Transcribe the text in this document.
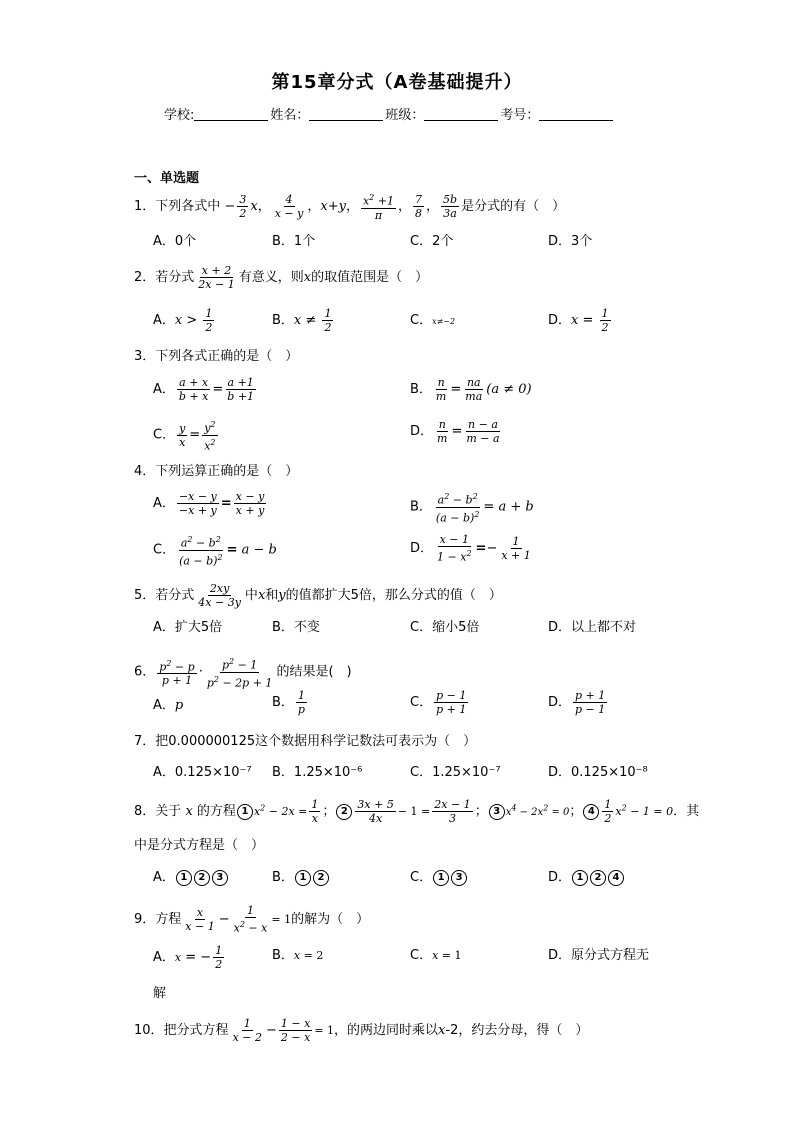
第15章分式（A卷基础提升）
学校:	姓名：	班级：	考号：
一、单选题
1．下列各式中 − $\frac{3}{2}$ x， $\frac{4}{x - y}$ ，x+y， $\frac{x^2 +1}{\pi}$ ， $\frac{7}{8}$ ， $\frac{5b}{3a}$ 是分式的有（　）
A．0个	B．1个	C．2个	D．3个
2．若分式 $\frac{x + 2}{2x - 1}$ 有意义，则x的取值范围是（　）
A．$x > \frac{1}{2}$	B．$x \ne \frac{1}{2}$	C．x≠−2	D．$x = \frac{1}{2}$
3．下列各式正确的是（　）
A． $\frac{a + x}{b + x} = \frac{a +1}{b +1}$	B． $\frac{n}{m} = \frac{na}{ma} (a \ne 0)$
C． $\frac{y}{x} = \frac{y^2}{x^2}$	D． $\frac{n}{m} = \frac{n - a}{m - a}$
4．下列运算正确的是（　）
A． $\frac{-x - y}{-x + y} = \frac{x - y}{x + y}$	B． $\frac{a^2 - b^2}{(a - b)^2} = a + b$
C． $\frac{a^2 - b^2}{(a - b)^2} = a - b$	D． $\frac{x - 1}{1 - x^2} =- \frac{1}{x + 1}$
5．若分式 $\frac{2xy}{4x - 3y}$ 中x和y的值都扩大5倍，那么分式的值（　）
A．扩大5倍	B．不变	C．缩小5倍	D．以上都不对
6． $\frac{p^2 - p}{p + 1} \cdot \frac{p^2 - 1}{p^2 - 2p + 1}$ 的结果是(　)
A．p	B． $\frac{1}{p}$	C． $\frac{p - 1}{p + 1}$	D． $\frac{p + 1}{p - 1}$
7．把0.000000125这个数据用科学记数法可表示为（　）
A．0.125×10⁻⁷ B．1.25×10⁻⁶	C．1.25×10⁻⁷	D．0.125×10⁻⁸
8．关于 x 的方程 1 $x^2 - 2x = \frac{1}{x}$ ； $2 \frac{3x + 5}{4x} - 1 = \frac{2x - 1}{3}$ ； 3 $x^4 - 2x^2 = 0$； $4 \frac{1}{2} x^2 - 1 = 0$．其
中是分式方程是（　）
A． 1 2 3	B． 1 2	C． 1 3	D． 1 2 4
9．方程 $\frac{x}{x - 1} - \frac{1}{x^2 - x} = 1$的解为（　）
A．x = − $\frac{1}{2}$	B．x = 2	C．x = 1	D．原分式方程无
解
10．把分式方程 $\frac{1}{x - 2} - \frac{1 - x}{2 - x} = 1$，的两边同时乘以x-2，约去分母，得（　）
